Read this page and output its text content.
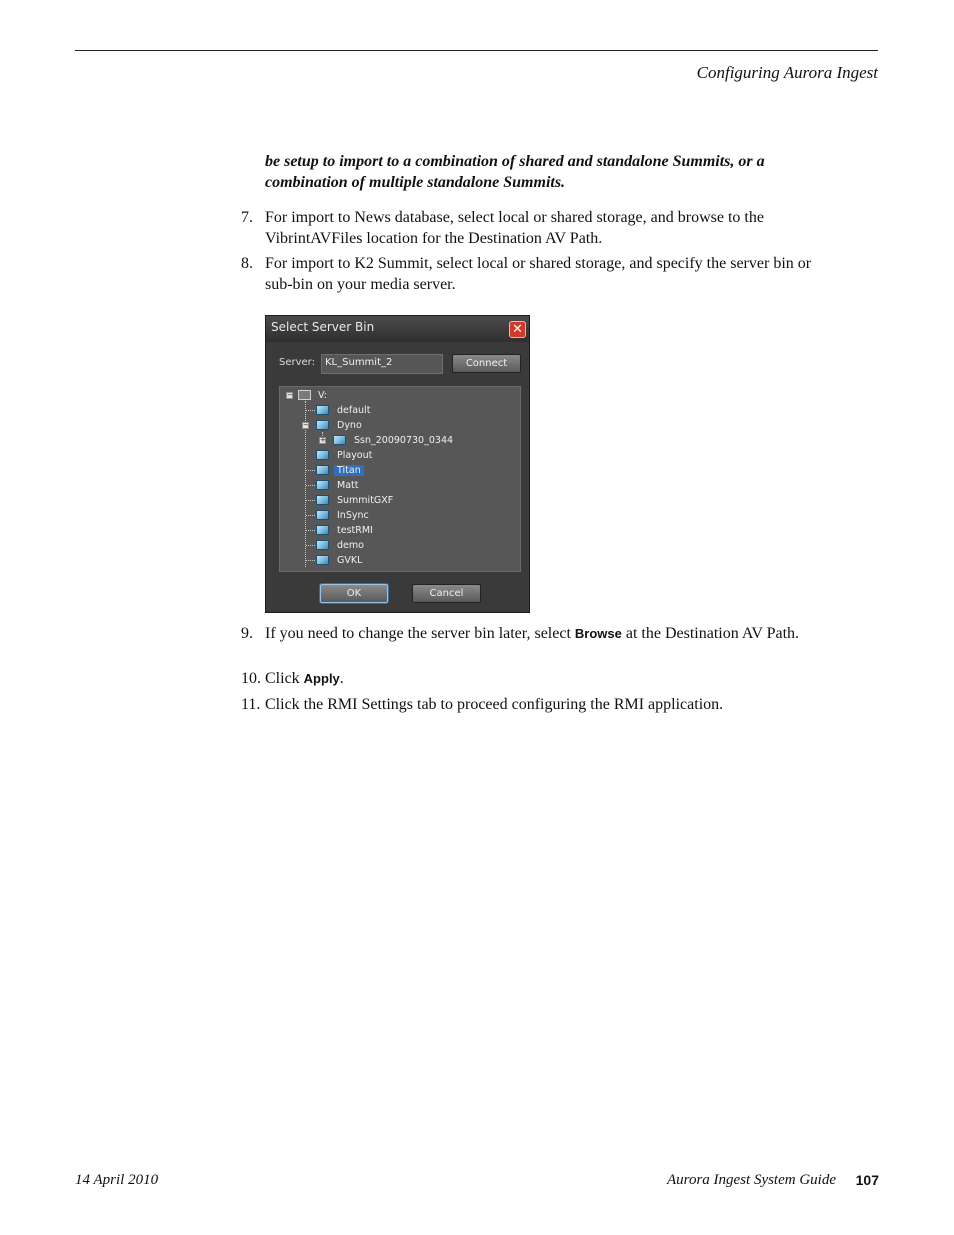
Configuring Aurora Ingest
be setup to import to a combination of shared and standalone Summits, or a combination of multiple standalone Summits.
7. For import to News database, select local or shared storage, and browse to the VibrintAVFiles location for the Destination AV Path.
8. For import to K2 Summit, select local or shared storage, and specify the server bin or sub-bin on your media server.
Select Server Bin	✕
Server:	KL_Summit_2	Connect
−	V:
default
−	Dyno
+	Ssn_20090730_0344
Playout
Titan
Matt
SummitGXF
InSync
testRMI
demo
GVKL
OK	Cancel
9. If you need to change the server bin later, select Browse at the Destination AV Path.
10. Click Apply.
11. Click the RMI Settings tab to proceed configuring the RMI application.
14 April 2010	Aurora Ingest System Guide 107
